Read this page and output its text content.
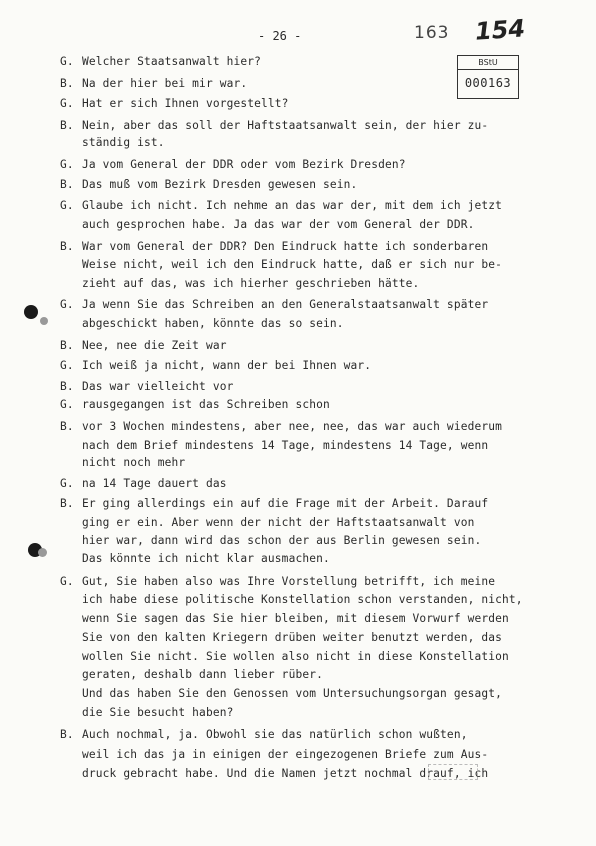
- 26 -	163 154
BStU
000163
G. Welcher Staatsanwalt hier?
B. Na der hier bei mir war.
G. Hat er sich Ihnen vorgestellt?
B. Nein, aber das soll der Haftstaatsanwalt sein, der hier zu-
ständig ist.
G. Ja vom General der DDR oder vom Bezirk Dresden?
B. Das muß vom Bezirk Dresden gewesen sein.
G. Glaube ich nicht. Ich nehme an das war der, mit dem ich jetzt
auch gesprochen habe. Ja das war der vom General der DDR.
B. War vom General der DDR? Den Eindruck hatte ich sonderbaren
Weise nicht, weil ich den Eindruck hatte, daß er sich nur be-
zieht auf das, was ich hierher geschrieben hätte.
G. Ja wenn Sie das Schreiben an den Generalstaatsanwalt später
abgeschickt haben, könnte das so sein.
B. Nee, nee die Zeit war
G. Ich weiß ja nicht, wann der bei Ihnen war.
B. Das war vielleicht vor
G. rausgegangen ist das Schreiben schon
B. vor 3 Wochen mindestens, aber nee, nee, das war auch wiederum
nach dem Brief mindestens 14 Tage, mindestens 14 Tage, wenn
nicht noch mehr
G. na 14 Tage dauert das
B. Er ging allerdings ein auf die Frage mit der Arbeit. Darauf
ging er ein. Aber wenn der nicht der Haftstaatsanwalt von
hier war, dann wird das schon der aus Berlin gewesen sein.
Das könnte ich nicht klar ausmachen.
G. Gut, Sie haben also was Ihre Vorstellung betrifft, ich meine
ich habe diese politische Konstellation schon verstanden, nicht,
wenn Sie sagen das Sie hier bleiben, mit diesem Vorwurf werden
Sie von den kalten Kriegern drüben weiter benutzt werden, das
wollen Sie nicht. Sie wollen also nicht in diese Konstellation
geraten, deshalb dann lieber rüber.
Und das haben Sie den Genossen vom Untersuchungsorgan gesagt,
die Sie besucht haben?
B. Auch nochmal, ja. Obwohl sie das natürlich schon wußten,
weil ich das ja in einigen der eingezogenen Briefe zum Aus-
druck gebracht habe. Und die Namen jetzt nochmal drauf, ich
